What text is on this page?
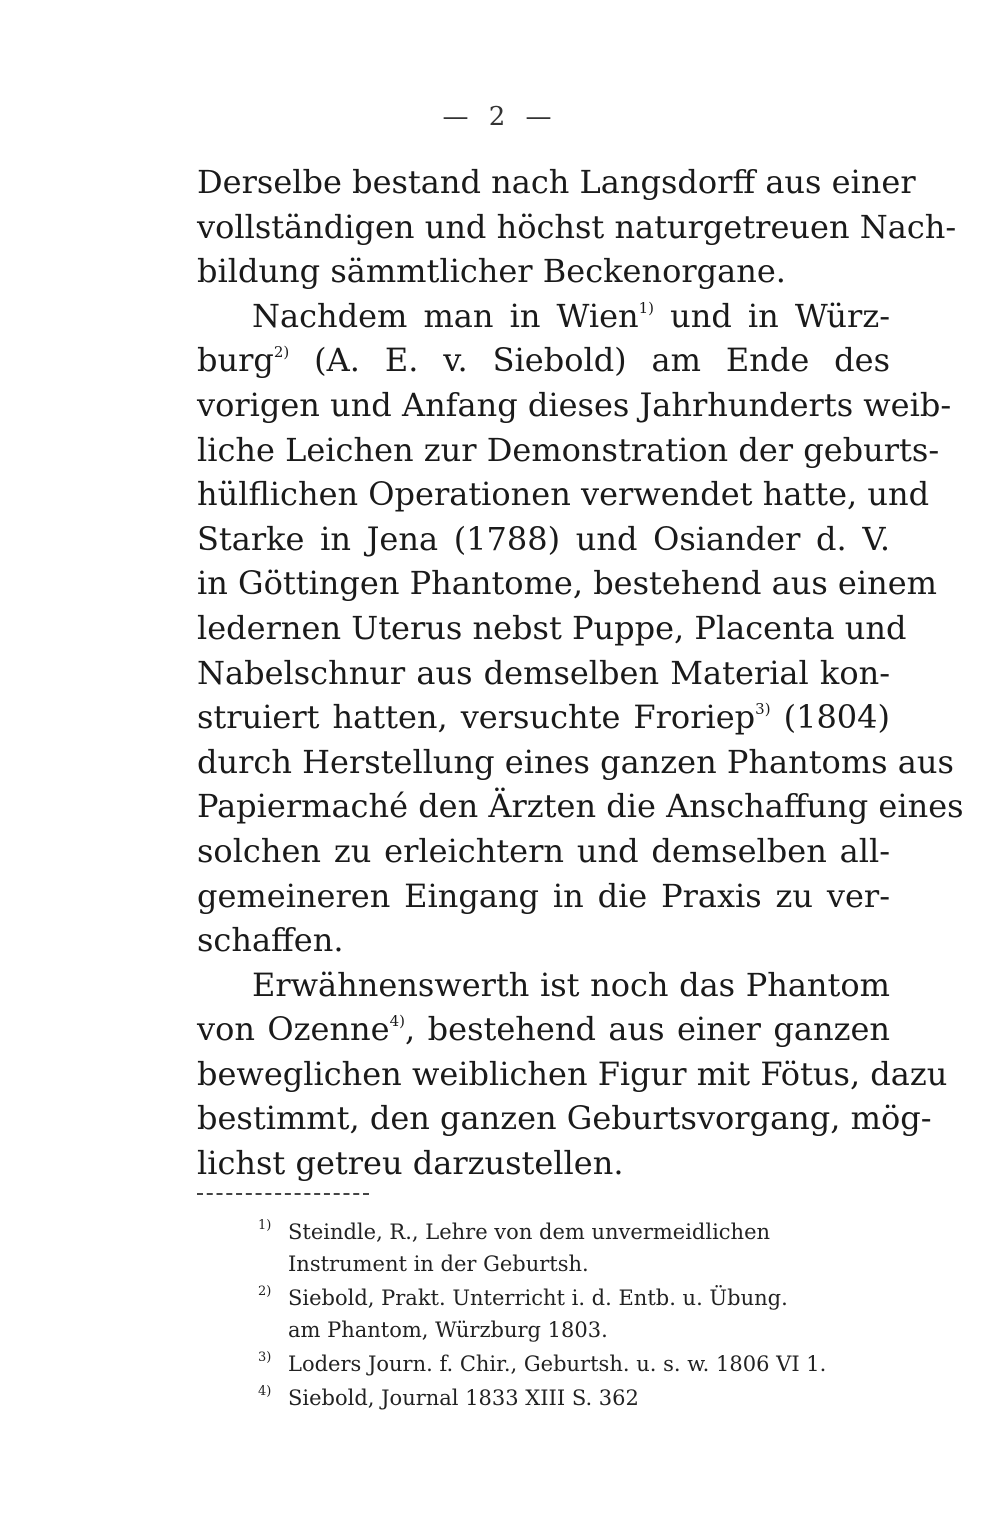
— 2 —
Derselbe bestand nach Langsdorff aus einer
vollständigen und höchst naturgetreuen Nach-
bildung sämmtlicher Beckenorgane.
Nachdem man in Wien$^{1)}$ und in Würz-
burg$^{2)}$ (A. E. v. Siebold) am Ende des
vorigen und Anfang dieses Jahrhunderts weib-
liche Leichen zur Demonstration der geburts-
hülflichen Operationen verwendet hatte, und
Starke in Jena (1788) und Osiander d. V.
in Göttingen Phantome, bestehend aus einem
ledernen Uterus nebst Puppe, Placenta und
Nabelschnur aus demselben Material kon-
struiert hatten, versuchte Froriep$^{3)}$ (1804)
durch Herstellung eines ganzen Phantoms aus
Papiermaché den Ärzten die Anschaffung eines
solchen zu erleichtern und demselben all-
gemeineren Eingang in die Praxis zu ver-
schaffen.
Erwähnenswerth ist noch das Phantom
von Ozenne$^{4)}$, bestehend aus einer ganzen
beweglichen weiblichen Figur mit Fötus, dazu
bestimmt, den ganzen Geburtsvorgang, mög-
lichst getreu darzustellen.
1) Steindle, R., Lehre von dem unvermeidlichen
Instrument in der Geburtsh.
2) Siebold, Prakt. Unterricht i. d. Entb. u. Übung.
am Phantom, Würzburg 1803.
3) Loders Journ. f. Chir., Geburtsh. u. s. w. 1806 VI 1.
4) Siebold, Journal 1833 XIII S. 362
